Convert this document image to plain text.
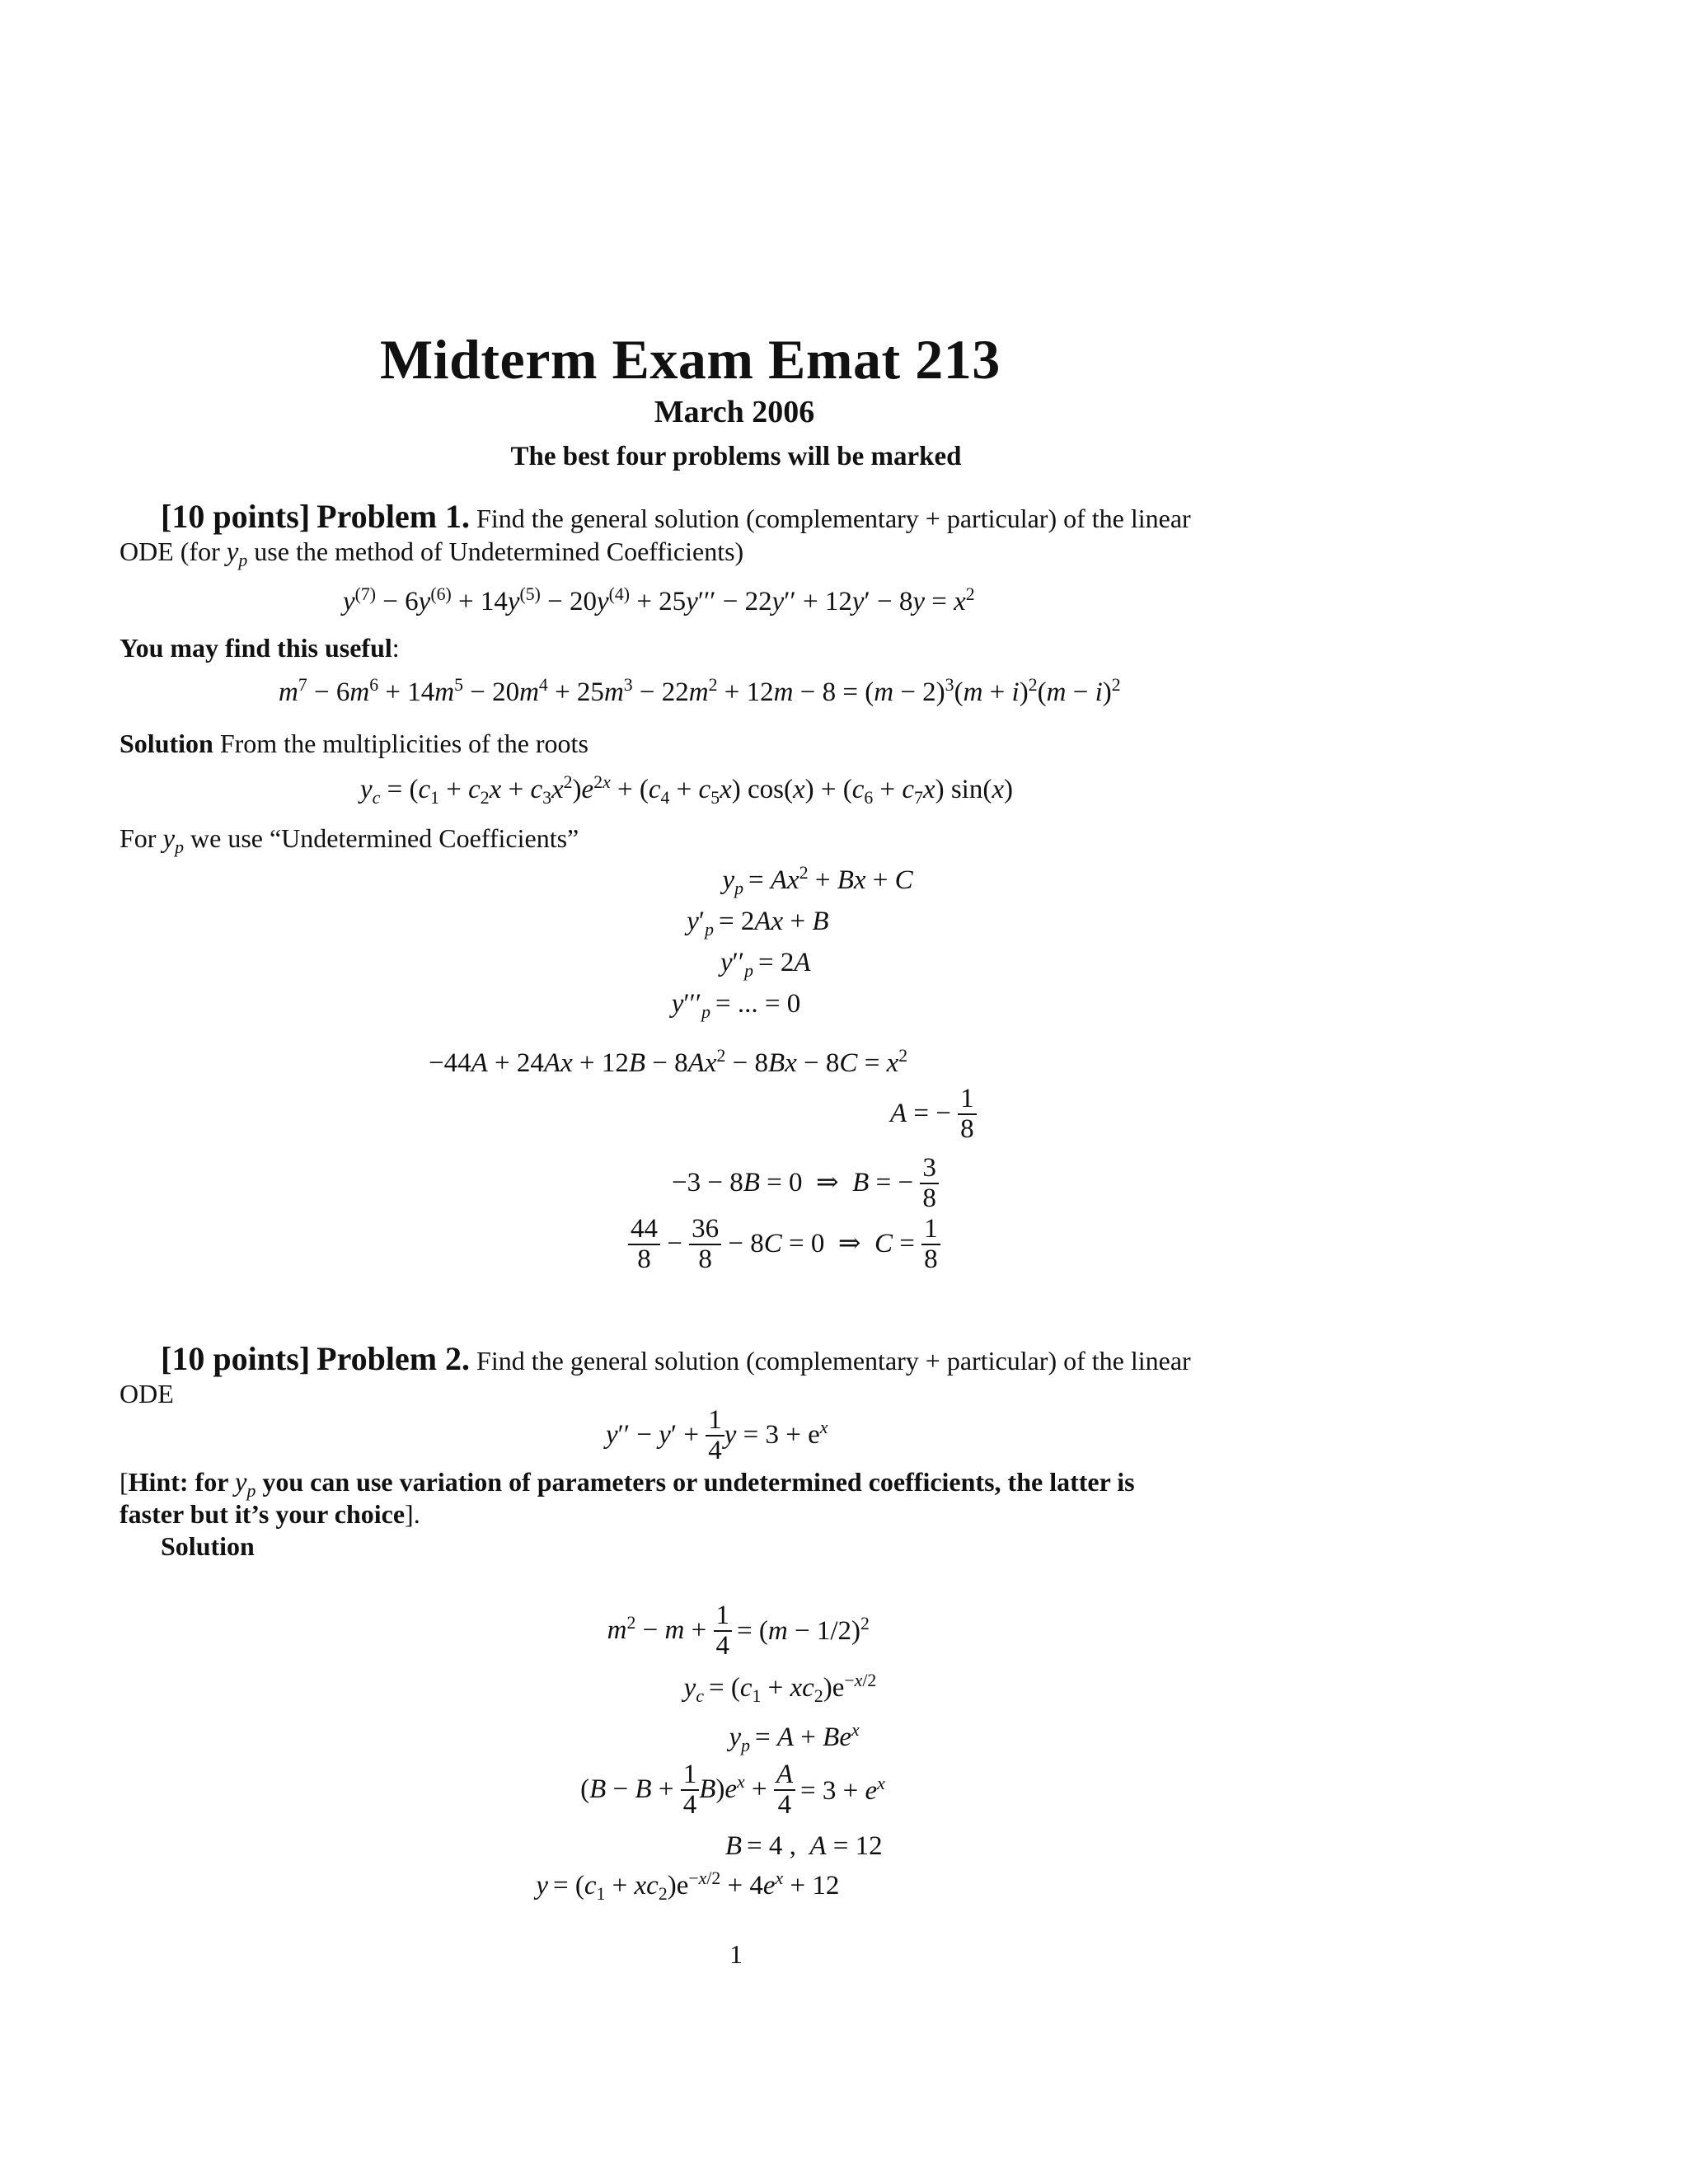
Midterm Exam Emat 213
March 2006
The best four problems will be marked
[10 points] Problem 1. Find the general solution (complementary + particular) of the linear
ODE (for $y_p$ use the method of Undetermined Coefficients)
$y^{(7)} - 6y^{(6)} + 14y^{(5)} - 20y^{(4)} + 25y''' - 22y'' + 12y' - 8y = x^2$
You may find this useful:
$m^7 - 6m^6 + 14m^5 - 20m^4 + 25m^3 - 22m^2 + 12m - 8 = (m - 2)^3(m + i)^2(m - i)^2$
Solution From the multiplicities of the roots
$y_c = (c_1 + c_2x + c_3x^2)e^{2x} + (c_4 + c_5x) \cos(x) + (c_6 + c_7x)$ sin(x)
For $y_p$ we use “Undetermined Coefficients”
$y_p = Ax^2 + Bx + C$
$y'_p = 2Ax + B$
$y''_p = 2A$
$y'''_p$ = ... = 0
$-44A + 24Ax + 12B - 8Ax^2 - 8Bx - 8C = x^2$
A = − $\frac{1}{8}$
−3 − 8B = 0  ⇒  B = − $\frac{3}{8}$
$\frac{44}{8} - \frac{36}{8} - 8C = 0$  ⇒  $C = \frac{1}{8}$
[10 points] Problem 2. Find the general solution (complementary + particular) of the linear
ODE
$y'' - y' + \frac{1}{4}$ $y = 3 + e^x$
[Hint: for $y_p$ you can use variation of parameters or undetermined coefficients, the latter is
faster but it’s your choice].
Solution
$m^2 - m + \frac{1}{4} = (m - 1/2)^2$
$y_c = (c_1 + xc_2)e^{-x/2}$
$y_p = A + Be^x$
$(B - B + \frac{1}{4} B)e^x + \frac{A}{4} = 3 + e^x$
B = 4 ,  A = 12
$y = (c_1 + xc_2)e^{-x/2} + 4e^x + 12$
1
